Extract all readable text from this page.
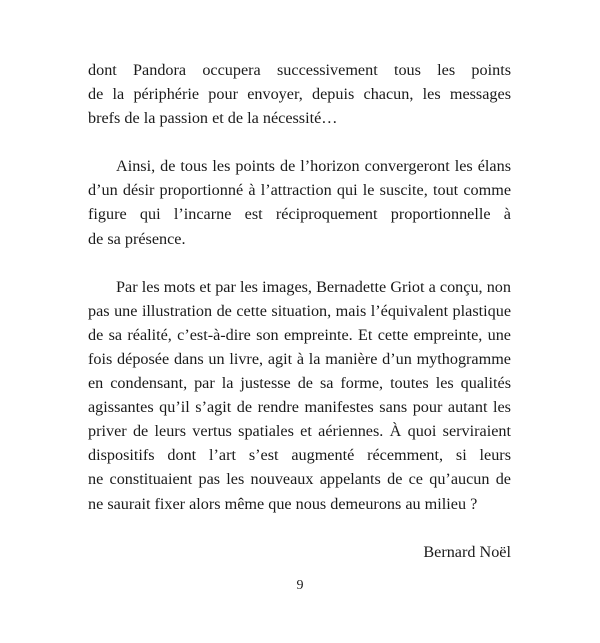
dont Pandora occupera successivement tous les points
de la périphérie pour envoyer, depuis chacun, les messages
brefs de la passion et de la nécessité…
Ainsi, de tous les points de l’horizon convergeront les élans
d’un désir proportionné à l’attraction qui le suscite, tout comme
figure qui l’incarne est réciproquement proportionnelle à
de sa présence.
Par les mots et par les images, Bernadette Griot a conçu, non
pas une illustration de cette situation, mais l’équivalent plastique
de sa réalité, c’est-à-dire son empreinte. Et cette empreinte, une
fois déposée dans un livre, agit à la manière d’un mythogramme
en condensant, par la justesse de sa forme, toutes les qualités
agissantes qu’il s’agit de rendre manifestes sans pour autant les
priver de leurs vertus spatiales et aériennes. À quoi serviraient
dispositifs dont l’art s’est augmenté récemment, si leurs
ne constituaient pas les nouveaux appelants de ce qu’aucun de
ne saurait fixer alors même que nous demeurons au milieu ?
Bernard Noël
9
